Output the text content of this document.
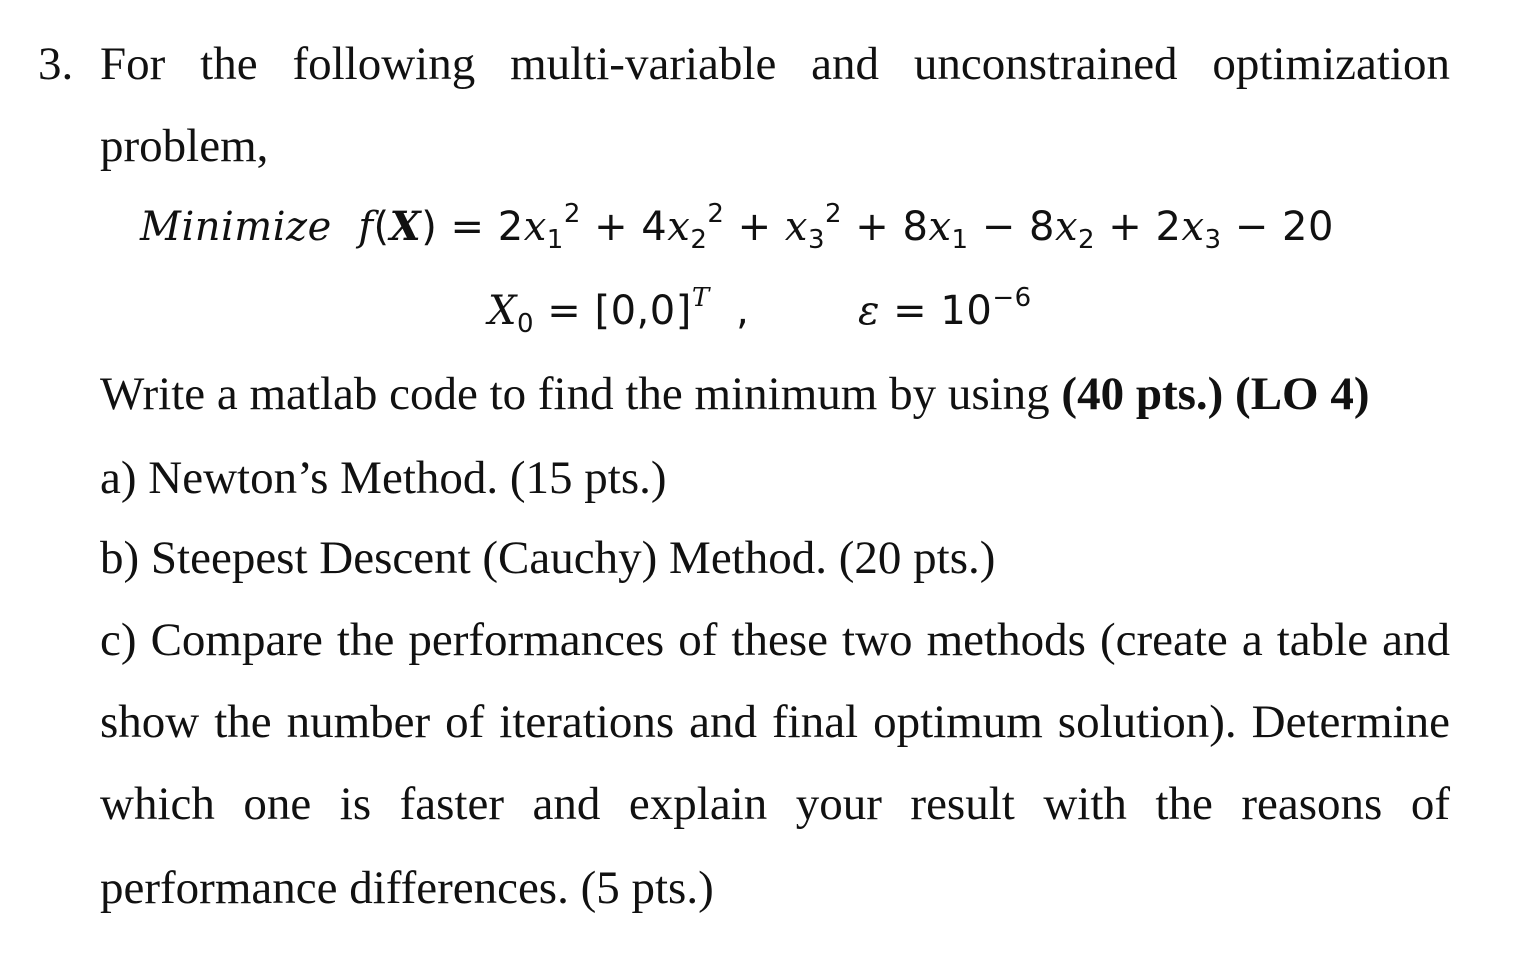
3. For the following multi-variable and unconstrained optimization
problem,
Minimize $f(X) = 2x_1^2 + 4x_2^2 + x_3^2 + 8x_1 - 8x_2 + 2x_3 - 20$
$X_0 = [0,0]^T$  ,	$\varepsilon = 10^{-6}$
Write a matlab code to find the minimum by using (40 pts.) (LO 4)
a) Newton’s Method. (15 pts.)
b) Steepest Descent (Cauchy) Method. (20 pts.)
c) Compare the performances of these two methods (create a table and
show the number of iterations and final optimum solution). Determine
which one is faster and explain your result with the reasons of
performance differences. (5 pts.)
